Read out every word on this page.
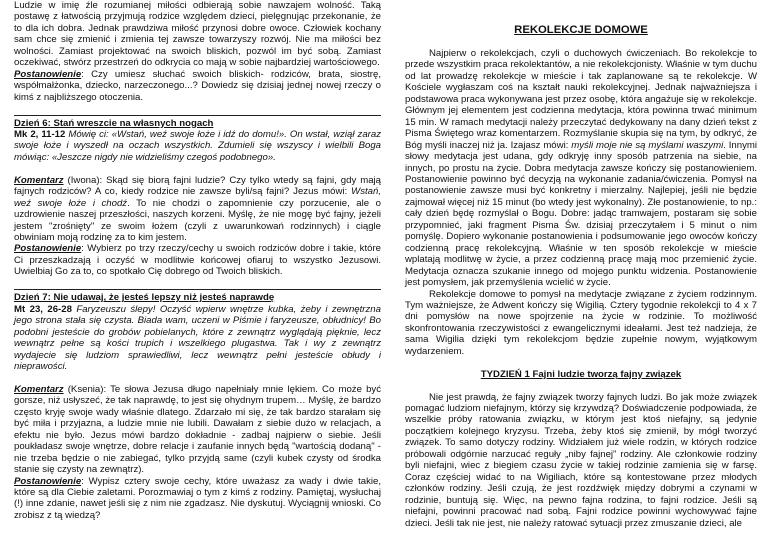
Ludzie w imię źle rozumianej miłości odbierają sobie nawzajem wolność. Taką postawę z łatwością przyjmują rodzice względem dzieci, pielęgnując przekonanie, że to dla ich dobra. Jednak prawdziwa miłość przynosi dobre owoce. Człowiek kochany sam chce się zmienić i zmienia tej zawsze towarzyszy rozwój. Nie ma miłości bez wolności. Zamiast projektować na swoich bliskich, pozwól im być sobą. Zamiast oczekiwać, stwórz przestrzeń do odkrycia co mają w sobie najbardziej wartościowego.

Postanowienie: Czy umiesz słuchać swoich bliskich- rodziców, brata, siostrę, współmałżonka, dziecko, narzeczonego...? Dowiedz się dzisiaj jednej nowej rzeczy o kimś z najbliższego otoczenia.

Dzień 6: Stań wreszcie na własnych nogach

Mk 2, 11-12 Mówię ci: «Wstań, weź swoje łoże i idź do domu!». On wstał, wziął zaraz swoje łoże i wyszedł na oczach wszystkich. Zdumieli się wszyscy i wielbili Boga mówiąc: «Jeszcze nigdy nie widzieliśmy czegoś podobnego».

Komentarz (Iwona): Skąd się biorą fajni ludzie? Czy tylko wtedy są fajni, gdy mają fajnych rodziców? A co, kiedy rodzice nie zawsze byli/są fajni? Jezus mówi: Wstań, weź swoje łoże i chodź. To nie chodzi o zapomnienie czy porzucenie, ale o uzdrowienie naszej przeszłości, naszych korzeni. Myślę, że nie mogę być fajny, jeżeli jestem "zrośnięty" ze swoim łożem (czyli z uwarunkowań rodzinnych) i ciągle obwiniam moją rodzinę za to kim jestem.

Postanowienie: Wybierz po trzy rzeczy/cechy u swoich rodziców dobre i takie, które Ci przeszkadzają i oczyść w modlitwie końcowej ofiaruj to wszystko Jezusowi. Uwielbiaj Go za to, co spotkało Cię dobrego od Twoich bliskich.

Dzień 7: Nie udawaj, że jesteś lepszy niż jesteś naprawdę

Mt 23, 26-28 Faryzeuszu ślepy! Oczyść wpierw wnętrze kubka, żeby i zewnętrzna jego strona stała się czysta. Biada wam, uczeni w Piśmie i faryzeusze, obłudnicy! Bo podobni jesteście do grobów pobielanych, które z zewnątrz wyglądają pięknie, lecz wewnątrz pełne są kości trupich i wszelkiego plugastwa. Tak i wy z zewnątrz wydajecie się ludziom sprawiedliwi, lecz wewnątrz pełni jesteście obłudy i nieprawości.

Komentarz (Ksenia): Te słowa Jezusa długo napełniały mnie lękiem. Co może być gorsze, niż usłyszeć, że tak naprawdę, to jest się ohydnym trupem… Myślę, że bardzo często kryję swoje wady właśnie dlatego. Zdarzało mi się, że tak bardzo starałam się być miła i przyjazna, a ludzie mnie nie lubili. Dawałam z siebie dużo w relacjach, a efektu nie było. Jezus mówi bardzo dokładnie - zadbaj najpierw o siebie. Jeśli poukładasz swoje wnętrze, dobre relacje i zaufanie innych będą "wartością dodaną" - nie trzeba będzie o nie zabiegać, tylko przyjdą same (czyli kubek czysty od środka stanie się czysty na zewnątrz).

Postanowienie: Wypisz cztery swoje cechy, które uważasz za wady i dwie takie, które są dla Ciebie zaletami. Porozmawiaj o tym z kimś z rodziny. Pamiętaj, wysłuchaj (!) inne zdanie, nawet jeśli się z nim nie zgadzasz. Nie dyskutuj. Wyciągnij wnioski. Co zrobisz z tą wiedzą?

REKOLEKCJE DOMOWE

Najpierw o rekolekcjach, czyli o duchowych ćwiczeniach. Bo rekolekcje to przede wszystkim praca rekolektantów, a nie rekolekcjonisty. Właśnie w tym duchu od lat prowadzę rekolekcje w mieście i tak zaplanowane są te rekolekcje. W Kościele wygłaszam coś na kształt nauki rekolekcyjnej. Jednak najważniejsza i podstawowa praca wykonywana jest przez osobę, która angażuje się w rekolekcje. Głównym jej elementem jest codzienna medytacja, która powinna trwać minimum 15 min. W ramach medytacji należy przeczytać dedykowany na dany dzień tekst z Pisma Świętego wraz komentarzem. Rozmyślanie skupia się na tym, by odkryć, że Bóg myśli inaczej niż ja. Izajasz mówi: myśli moje nie są myślami waszymi. Innymi słowy medytacja jest udana, gdy odkryję inny sposób patrzenia na siebie, na innych, po prostu na życie. Dobra medytacja zawsze kończy się postanowieniem. Postanowienie powinno być decyzją na wykonanie zadania/ćwiczenia. Pomysł na postanowienie zawsze musi być konkretny i mierzalny. Najlepiej, jeśli nie będzie zajmował więcej niż 15 minut (bo wtedy jest wykonalny). Złe postanowienie, to np.: cały dzień będę rozmyślał o Bogu. Dobre: jadąc tramwajem, postaram się sobie przypomnieć, jaki fragment Pisma Św. dzisiaj przeczytałem i 5 minut o nim pomyślę. Dopiero wykonanie postanowienia i podsumowanie jego owoców kończy codzienną pracę rekolekcyjną. Właśnie w ten sposób rekolekcje w mieście wplatają modlitwę w życie, a przez codzienną pracę mają moc przemienić życie. Medytacja oznacza szukanie innego od mojego punktu widzenia. Postanowienie jest pomysłem, jak przemyślenia wcielić w życie.

Rekolekcje domowe to pomysł na medytacje związane z życiem rodzinnym. Tym ważniejsze, że Adwent kończy się Wigilią. Cztery tygodnie rekolekcji to 4 x 7 dni pomysłów na nowe spojrzenie na życie w rodzinie. To możliwość skonfrontowania rzeczywistości z ewangelicznymi ideałami. Jest też nadzieja, że sama Wigilia dzięki tym rekolekcjom będzie zupełnie nowym, wyjątkowym wydarzeniem.

TYDZIEŃ 1 Fajni ludzie tworzą fajny związek

Nie jest prawdą, że fajny związek tworzy fajnych ludzi. Bo jak może związek pomagać ludziom niefajnym, którzy się krzywdzą? Doświadczenie podpowiada, że wszelkie próby ratowania związku, w którym jest ktoś niefajny, są jedynie początkiem kolejnego kryzysu. Trzeba, żeby ktoś się zmienił, by mógł tworzyć związek. To samo dotyczy rodziny. Widziałem już wiele rodzin, w których rodzice próbowali odgórnie narzucać reguły „niby fajnej” rodziny. Ale członkowie rodziny byli niefajni, wiec z biegiem czasu życie w takiej rodzinie zamienia się w farsę. Coraz częściej widać to na Wigiliach, które są kontestowane przez młodych członków rodziny. Jeśli czują, że jest rozdźwięk między dobrymi a czynami w rodzinie, buntują się. Więc, na pewno fajna rodzina, to fajni rodzice. Jeśli są niefajni, powinni pracować nad sobą. Fajni rodzice powinni wychowywać fajne dzieci. Jeśli tak nie jest, nie należy ratować sytuacji przez zmuszanie dzieci, ale
